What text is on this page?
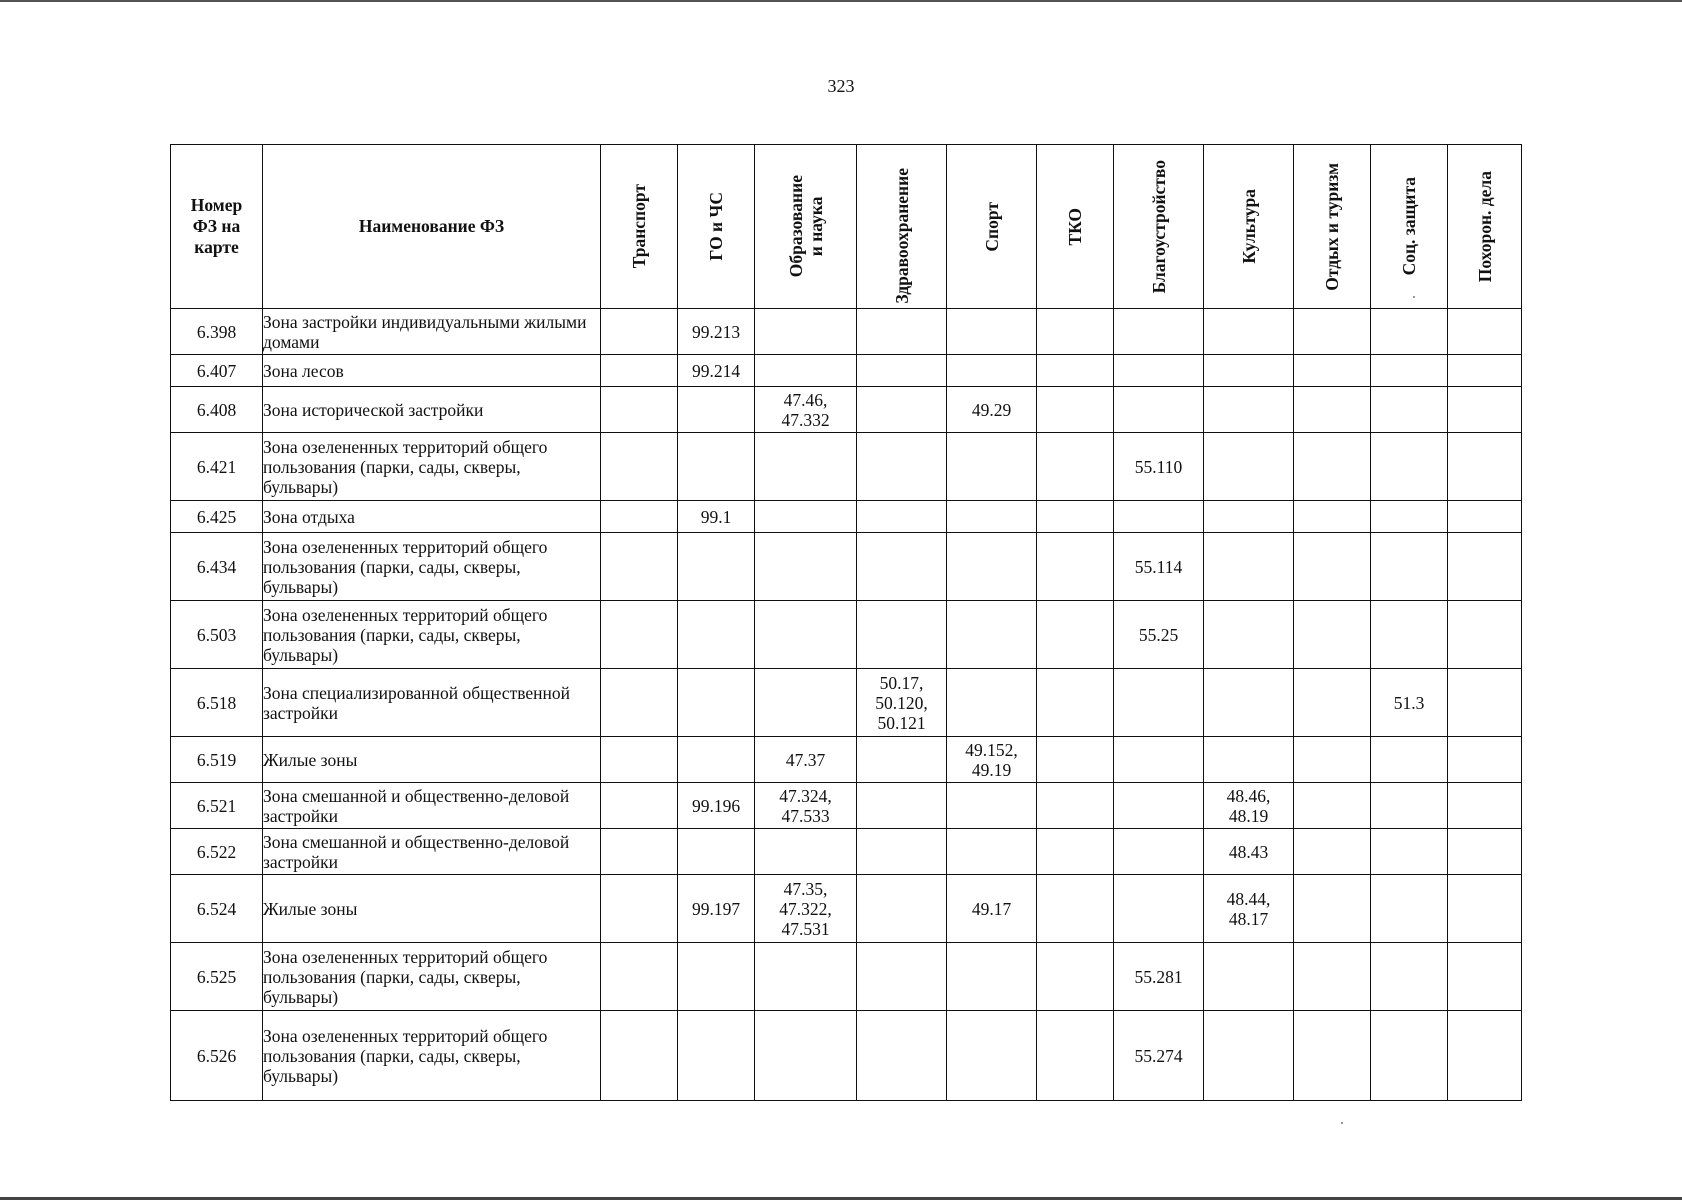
323
Номер
ФЗ на
карте	Наименование ФЗ	Транспорт	ГО и ЧС	Образование
и наука	Здравоохранение	Спорт	ТКО	Благоустройство	Культура	Отдых и туризм	Соц. защита	Похорон. дела

6.398	Зона застройки индивидуальными жилыми домами		99.213									
6.407	Зона лесов		99.214									
6.408	Зона исторической застройки			47.46,
47.332		49.29						
6.421	Зона озелененных территорий общего пользования (парки, сады, скверы, бульвары)							55.110				
6.425	Зона отдыха		99.1									
6.434	Зона озелененных территорий общего пользования (парки, сады, скверы, бульвары)							55.114				
6.503	Зона озелененных территорий общего пользования (парки, сады, скверы, бульвары)							55.25				
6.518	Зона специализированной общественной застройки				50.17,
50.120,
50.121						51.3	
6.519	Жилые зоны			47.37		49.152,
49.19						
6.521	Зона смешанной и общественно-деловой застройки		99.196	47.324,
47.533					48.46,
48.19			
6.522	Зона смешанной и общественно-деловой застройки								48.43			
6.524	Жилые зоны		99.197	47.35,
47.322,
47.531		49.17			48.44,
48.17			
6.525	Зона озелененных территорий общего пользования (парки, сады, скверы, бульвары)							55.281				
6.526	Зона озелененных территорий общего пользования (парки, сады, скверы, бульвары)							55.274				
